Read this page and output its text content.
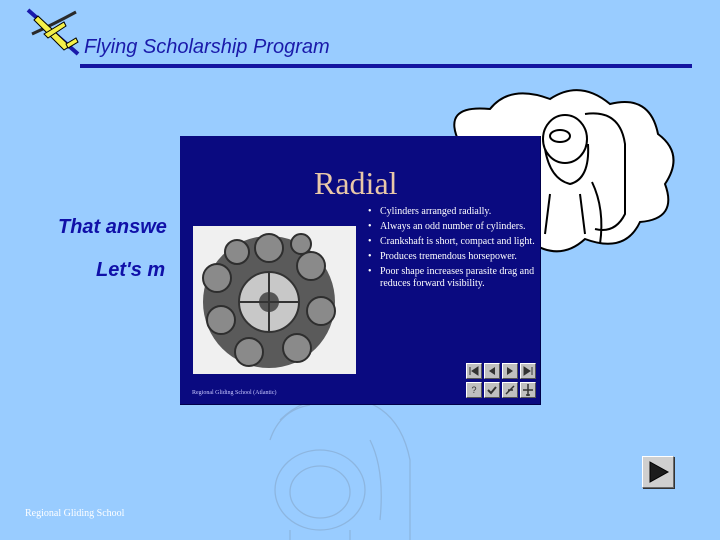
Flying Scholarship Program
That answe
Let's m
Radial
• Cylinders arranged radially.
• Always an odd number of cylinders.
• Crankshaft is short, compact and light.
• Produces tremendous horsepower.
• Poor shape increases parasite drag and reduces forward visibility.
Regional Gliding School (Atlantic)	?
Regional Gliding School
